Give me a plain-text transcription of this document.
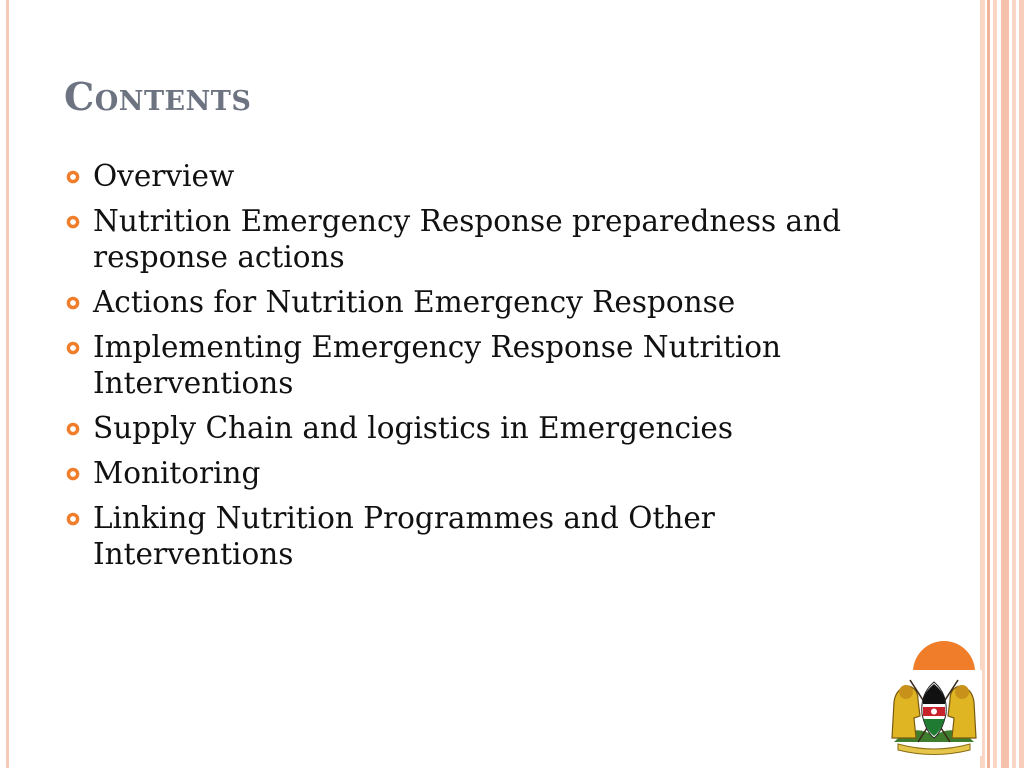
Contents
Overview
Nutrition Emergency Response preparedness and response actions
Actions for Nutrition Emergency Response
Implementing Emergency Response Nutrition Interventions
Supply Chain and logistics in Emergencies
Monitoring
Linking Nutrition Programmes and Other Interventions
